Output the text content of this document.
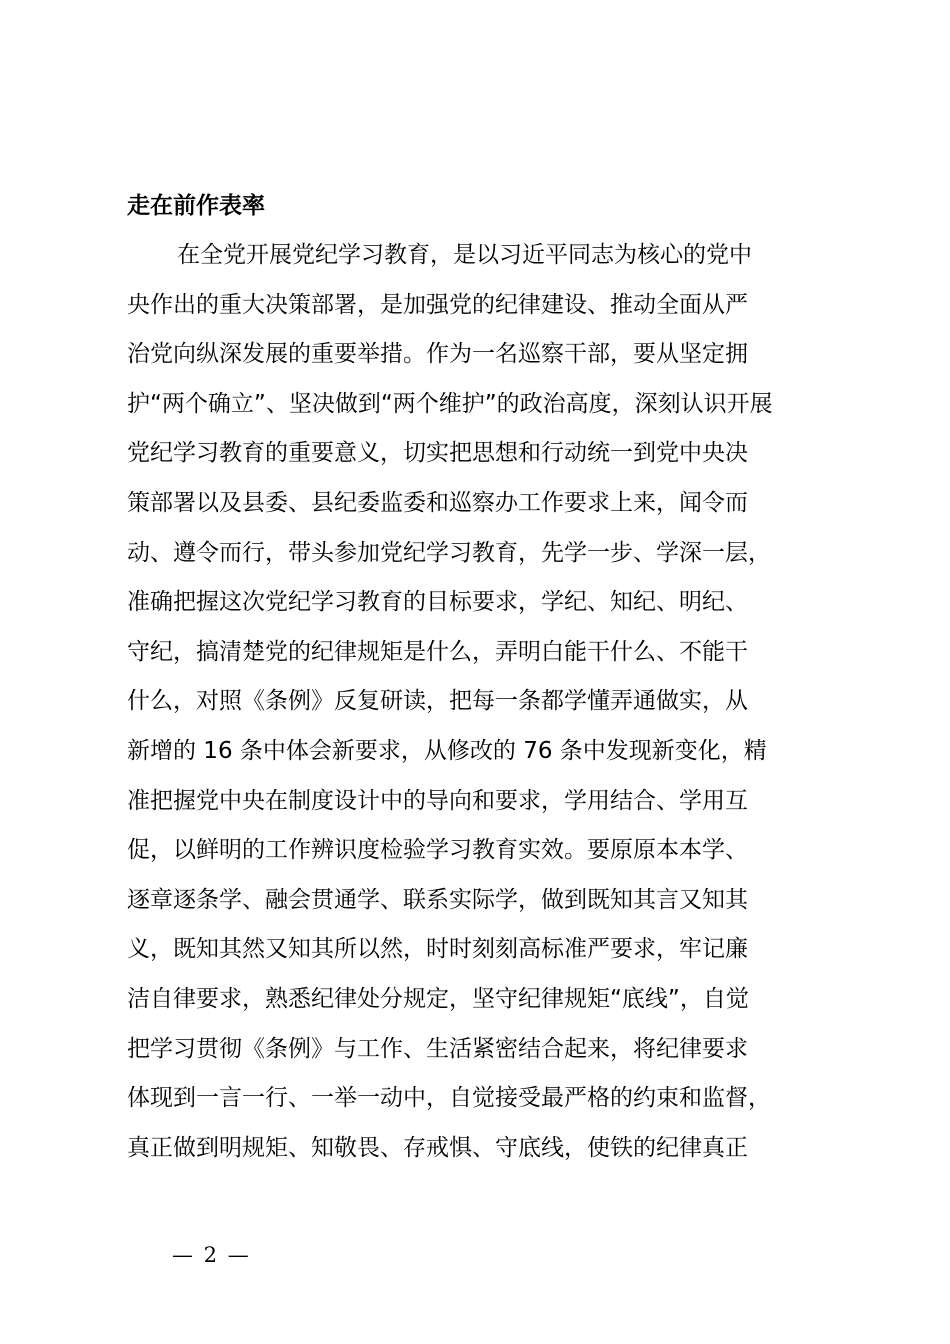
走在前作表率
在全党开展党纪学习教育，是以习近平同志为核心的党中
央作出的重大决策部署，是加强党的纪律建设、推动全面从严
治党向纵深发展的重要举措。作为一名巡察干部，要从坚定拥
护“两个确立”、坚决做到“两个维护”的政治高度，深刻认识开展
党纪学习教育的重要意义，切实把思想和行动统一到党中央决
策部署以及县委、县纪委监委和巡察办工作要求上来，闻令而
动、遵令而行，带头参加党纪学习教育，先学一步、学深一层，
准确把握这次党纪学习教育的目标要求，学纪、知纪、明纪、
守纪，搞清楚党的纪律规矩是什么，弄明白能干什么、不能干
什么，对照《条例》反复研读，把每一条都学懂弄通做实，从
新增的 16 条中体会新要求，从修改的 76 条中发现新变化，精
准把握党中央在制度设计中的导向和要求，学用结合、学用互
促，以鲜明的工作辨识度检验学习教育实效。要原原本本学、
逐章逐条学、融会贯通学、联系实际学，做到既知其言又知其
义，既知其然又知其所以然，时时刻刻高标准严要求，牢记廉
洁自律要求，熟悉纪律处分规定，坚守纪律规矩“底线”，自觉
把学习贯彻《条例》与工作、生活紧密结合起来，将纪律要求
体现到一言一行、一举一动中，自觉接受最严格的约束和监督，
真正做到明规矩、知敬畏、存戒惧、守底线，使铁的纪律真正
— 2 —
